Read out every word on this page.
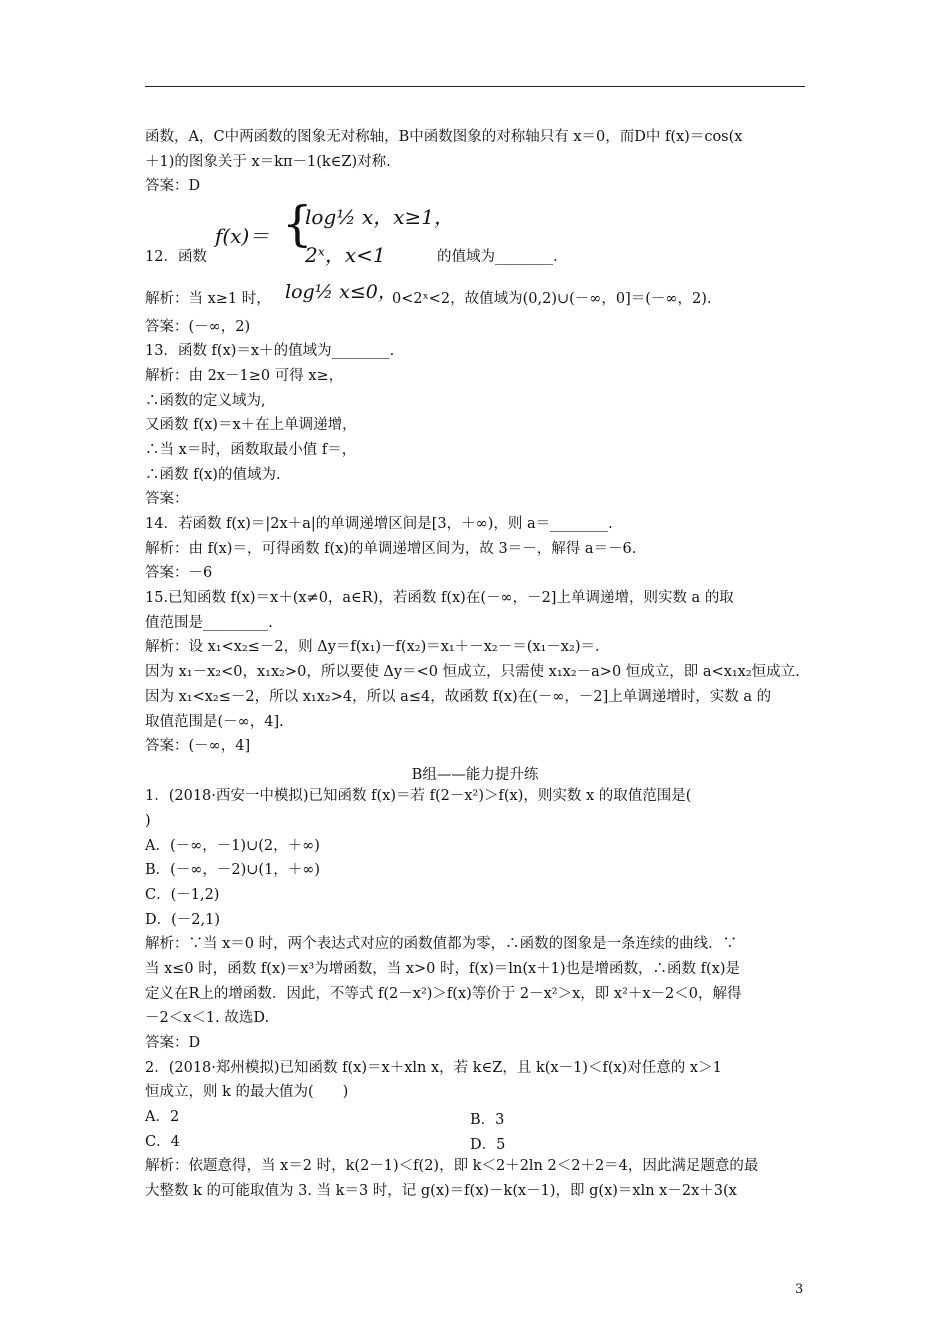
函数，A，C中两函数的图象无对称轴，B中函数图象的对称轴只有 x＝0，而D中 f(x)＝cos(x
＋1)的图象关于 x＝kπ－1(k∈Z)对称.
答案：D
12．函数
f(x)＝ {
log½ x，x≥1，
2ˣ，x<1	的值域为________.
解析：当 x≥1 时， log½ x≤0，
0<2ˣ<2，故值域为(0,2)∪(－∞，0]＝(－∞，2).
答案：(－∞，2)
13．函数 f(x)＝x＋的值域为________.
解析：由 2x－1≥0 可得 x≥，
∴函数的定义域为,
又函数 f(x)＝x＋在上单调递增，
∴当 x＝时，函数取最小值 f＝，
∴函数 f(x)的值域为.
答案：
14．若函数 f(x)＝|2x＋a|的单调递增区间是[3，＋∞)，则 a＝________.
解析：由 f(x)＝，可得函数 f(x)的单调递增区间为，故 3＝－，解得 a＝－6.
答案：－6
15.已知函数 f(x)＝x＋(x≠0，a∈R)，若函数 f(x)在(－∞，－2]上单调递增，则实数 a 的取
值范围是_________.
解析：设 x₁<x₂≤－2，则 Δy＝f(x₁)－f(x₂)＝x₁＋－x₂－＝(x₁－x₂)＝.
因为 x₁－x₂<0，x₁x₂>0，所以要使 Δy＝<0 恒成立，只需使 x₁x₂－a>0 恒成立，即 a<x₁x₂恒成立.
因为 x₁<x₂≤－2，所以 x₁x₂>4，所以 a≤4，故函数 f(x)在(－∞，－2]上单调递增时，实数 a 的
取值范围是(－∞，4].
答案：(－∞，4]
B组——能力提升练
1．(2018·西安一中模拟)已知函数 f(x)＝若 f(2－x²)＞f(x)，则实数 x 的取值范围是(
)
A．(－∞，－1)∪(2，＋∞)
B．(－∞，－2)∪(1，＋∞)
C．(－1,2)
D．(－2,1)
解析：∵当 x＝0 时，两个表达式对应的函数值都为零，∴函数的图象是一条连续的曲线．∵
当 x≤0 时，函数 f(x)＝x³为增函数，当 x>0 时，f(x)＝ln(x＋1)也是增函数，∴函数 f(x)是
定义在R上的增函数．因此，不等式 f(2－x²)＞f(x)等价于 2－x²＞x，即 x²＋x－2＜0，解得
－2＜x＜1. 故选D.
答案：D
2．(2018·郑州模拟)已知函数 f(x)＝x＋xln x，若 k∈Z，且 k(x－1)＜f(x)对任意的 x＞1
恒成立，则 k 的最大值为(　　)
A．2	B．3
C．4	D．5
解析：依题意得，当 x＝2 时，k(2－1)＜f(2)，即 k＜2＋2ln 2＜2＋2＝4，因此满足题意的最
大整数 k 的可能取值为 3. 当 k＝3 时，记 g(x)＝f(x)－k(x－1)，即 g(x)＝xln x－2x＋3(x
3
